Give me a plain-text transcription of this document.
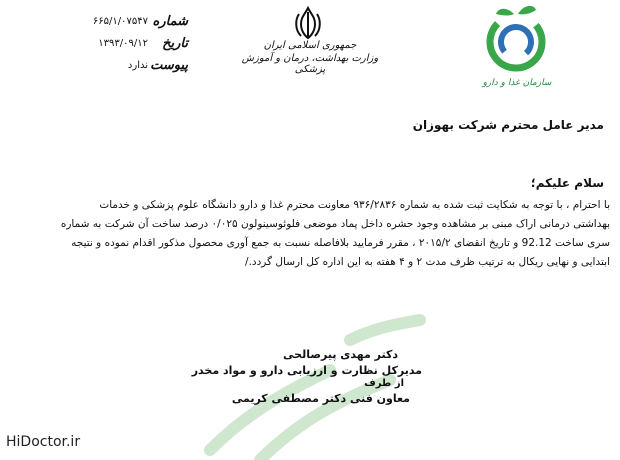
شماره
۶۶۵/۱/۰۷۵۴۷
تاریخ
۱۳۹۳/۰۹/۱۲
پیوست
ندارد
جمهوری اسلامی ایران
وزارت بهداشت، درمان و آموزش پزشکی
سازمان غذا و دارو
مدیر عامل محترم شرکت بهوزان
سلام علیکم؛

با احترام ، با توجه به شکایت ثبت شده به شماره ۹۳۶/۲۸۳۶ معاونت محترم غذا و دارو دانشگاه علوم پزشکی و خدمات

بهداشتی درمانی اراک مبنی بر مشاهده وجود حشره داخل پماد موضعی فلوئوسینولون ۰/۰۲۵ درصد ساخت آن شرکت به شماره

سری ساخت 92.12 و تاریخ انقضای ۲۰۱۵/۲ ، مقرر فرمایید بلافاصله نسبت به جمع آوری محصول مذکور اقدام نموده و نتیجه

ابتدایی و نهایی ریکال به ترتیب ظرف مدت ۲ و ۴ هفته به این اداره کل ارسال گردد./

دکتر مهدی پیرصالحی
مدیرکل نظارت و ارزیابی دارو و مواد مخدر
از طرف
معاون فنی دکتر مصطفی کریمی
HiDoctor.ir
